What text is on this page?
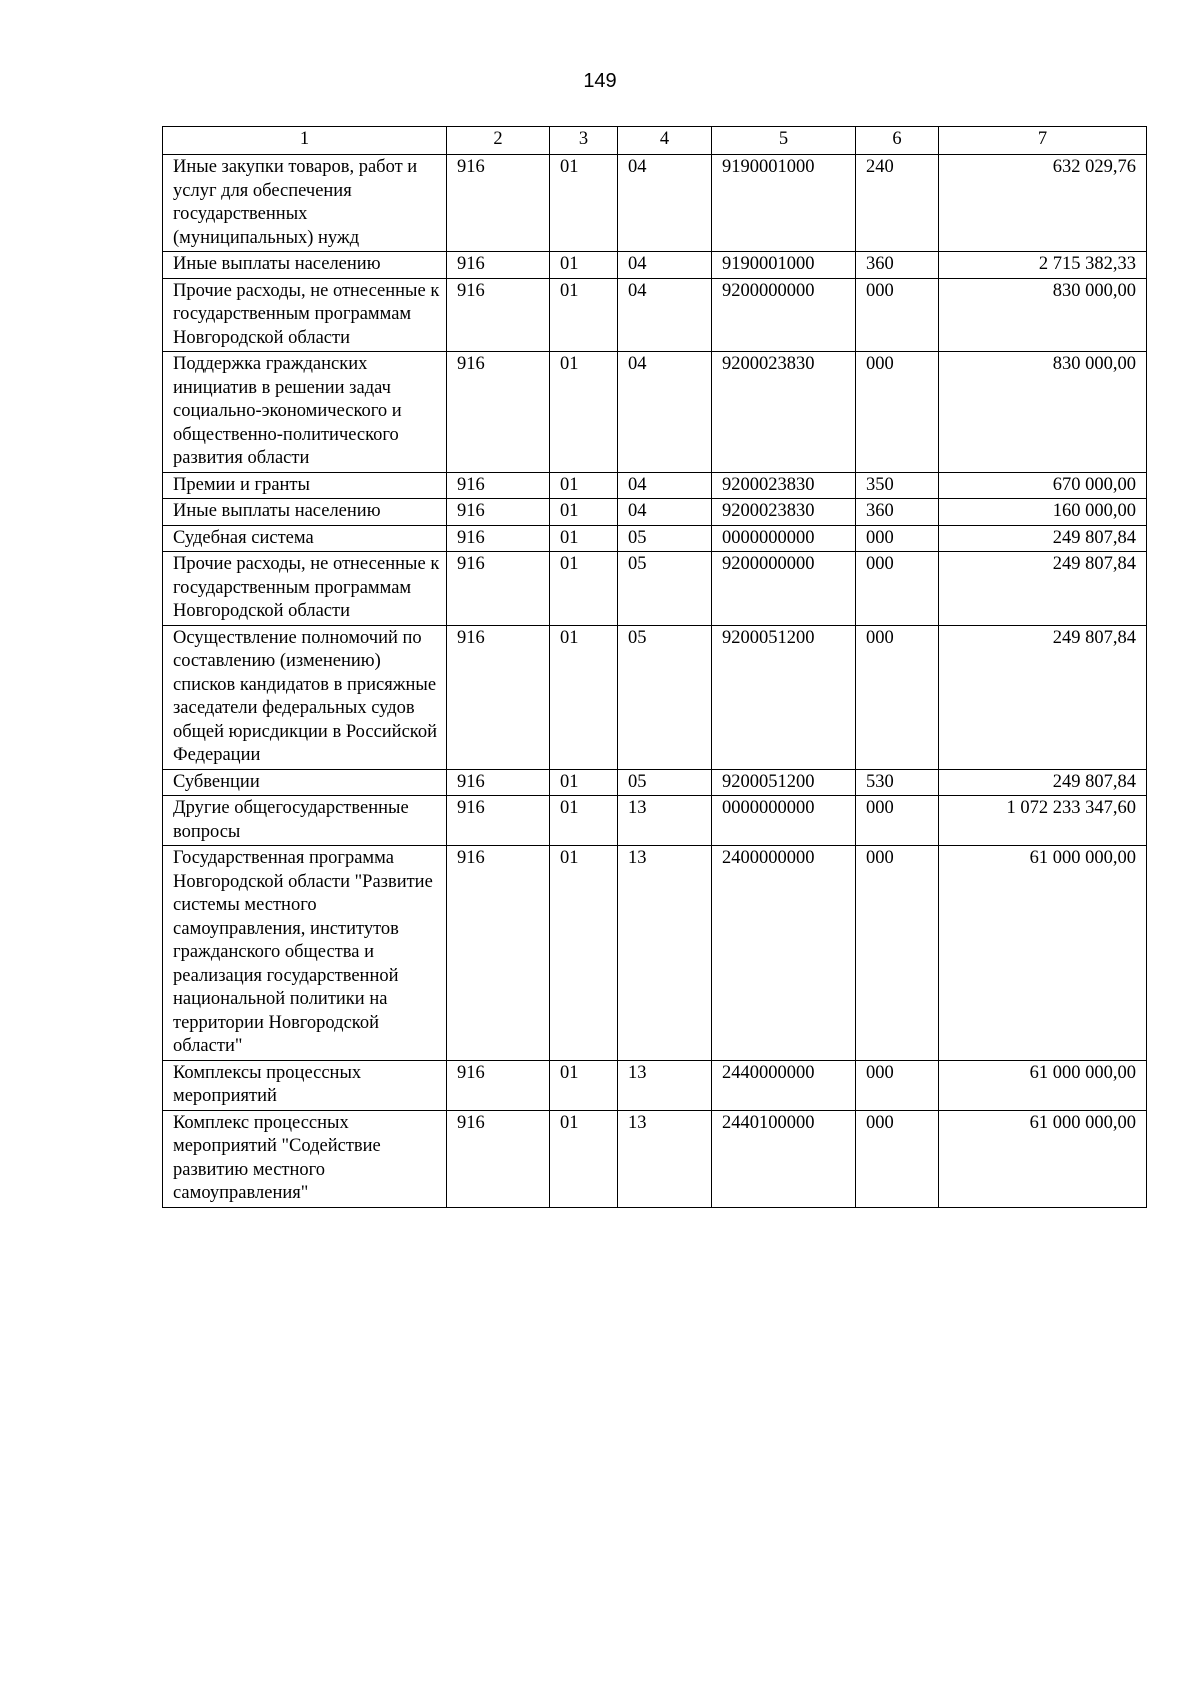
149
1	2	3	4	5	6	7
Иные закупки товаров, работ и услуг для обеспечения государственных (муниципальных) нужд	916	01	04	9190001000	240	632 029,76
Иные выплаты населению	916	01	04	9190001000	360	2 715 382,33
Прочие расходы, не отнесенные к государственным программам Новгородской области	916	01	04	9200000000	000	830 000,00
Поддержка гражданских инициатив в решении задач социально-экономического и общественно-политического развития области	916	01	04	9200023830	000	830 000,00
Премии и гранты	916	01	04	9200023830	350	670 000,00
Иные выплаты населению	916	01	04	9200023830	360	160 000,00
Судебная система	916	01	05	0000000000	000	249 807,84
Прочие расходы, не отнесенные к государственным программам Новгородской области	916	01	05	9200000000	000	249 807,84
Осуществление полномочий по составлению (изменению) списков кандидатов в присяжные заседатели федеральных судов общей юрисдикции в Российской Федерации	916	01	05	9200051200	000	249 807,84
Субвенции	916	01	05	9200051200	530	249 807,84
Другие общегосударственные вопросы	916	01	13	0000000000	000	1 072 233 347,60
Государственная программа Новгородской области "Развитие системы местного самоуправления, институтов гражданского общества и реализация государственной национальной политики на территории Новгородской области"	916	01	13	2400000000	000	61 000 000,00
Комплексы процессных мероприятий	916	01	13	2440000000	000	61 000 000,00
Комплекс процессных мероприятий "Содействие развитию местного самоуправления"	916	01	13	2440100000	000	61 000 000,00
